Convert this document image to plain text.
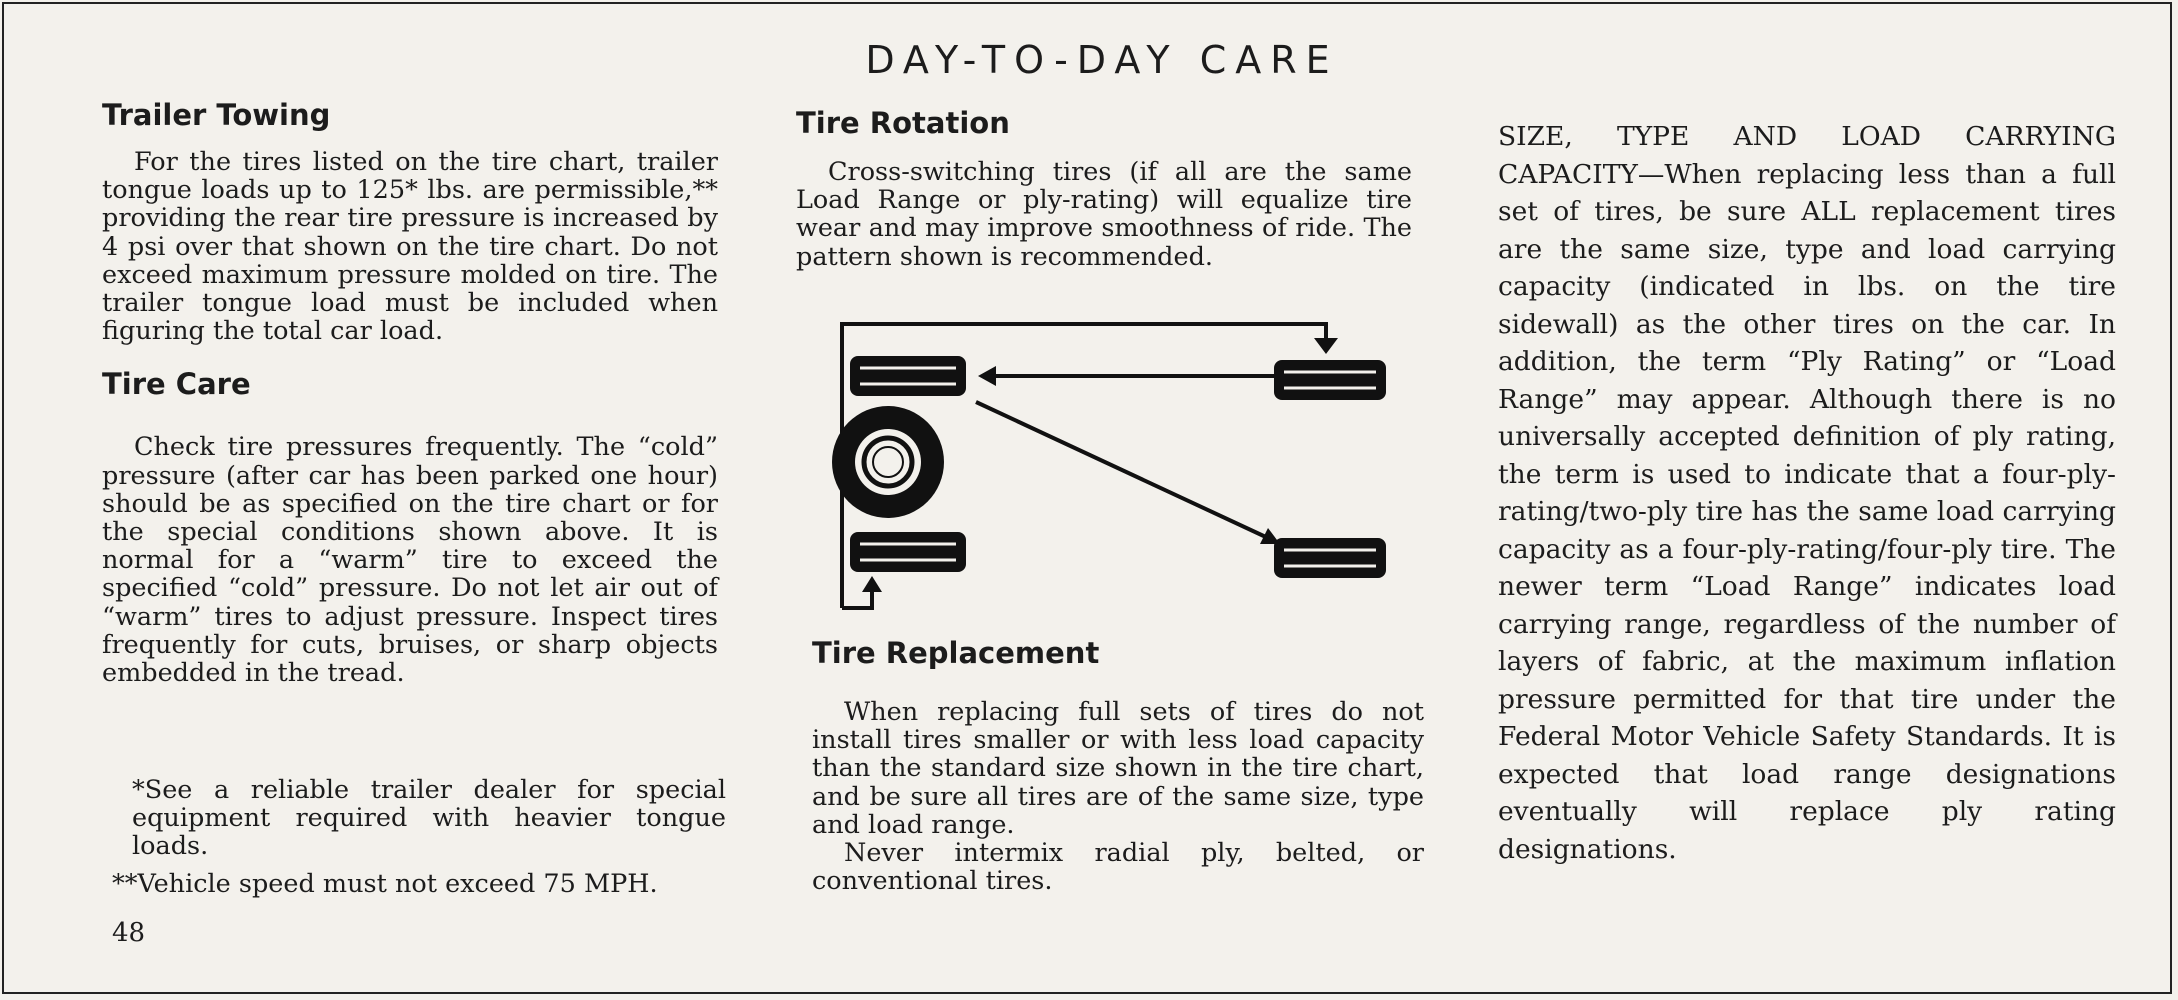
DAY-TO-DAY CARE
Trailer Towing

For the tires listed on the tire chart, trailer tongue loads up to 125* lbs. are permissible,** providing the rear tire pressure is increased by 4 psi over that shown on the tire chart. Do not exceed maximum pressure molded on tire. The trailer tongue load must be included when figuring the total car load.

Tire Care

Check tire pressures frequently. The “cold” pressure (after car has been parked one hour) should be as specified on the tire chart or for the special conditions shown above. It is normal for a “warm” tire to exceed the specified “cold” pressure. Do not let air out of “warm” tires to adjust pressure. Inspect tires frequently for cuts, bruises, or sharp objects embedded in the tread.

*See a reliable trailer dealer for special equipment required with heavier tongue loads.
**Vehicle speed must not exceed 75 MPH.
48
Tire Rotation

Cross-switching tires (if all are the same Load Range or ply-rating) will equalize tire wear and may improve smoothness of ride. The pattern shown is recommended.

Tire Replacement

When replacing full sets of tires do not install tires smaller or with less load capacity than the standard size shown in the tire chart, and be sure all tires are of the same size, type and load range.

Never intermix radial ply, belted, or conventional tires.

SIZE, TYPE AND LOAD CARRYING CAPACITY—When replacing less than a full set of tires, be sure ALL replacement tires are the same size, type and load carrying capacity (indicated in lbs. on the tire sidewall) as the other tires on the car. In addition, the term “Ply Rating” or “Load Range” may appear. Although there is no universally accepted definition of ply rating, the term is used to indicate that a four-ply-rating/two-ply tire has the same load carrying capacity as a four-ply-rating/four-ply tire. The newer term “Load Range” indicates load carrying range, regardless of the number of layers of fabric, at the maximum inflation pressure permitted for that tire under the Federal Motor Vehicle Safety Standards. It is expected that load range designations eventually will replace ply rating designations.
